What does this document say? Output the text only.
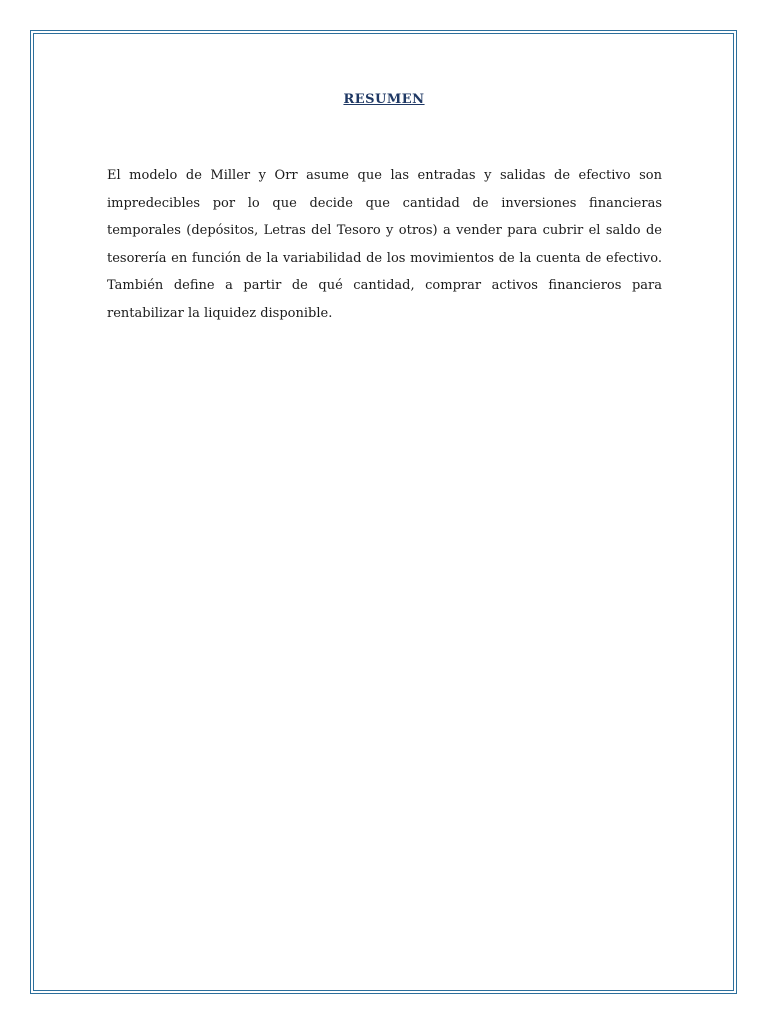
RESUMEN

El modelo de Miller y Orr asume que las entradas y salidas de efectivo son impredecibles por lo que decide que cantidad de inversiones financieras temporales (depósitos, Letras del Tesoro y otros) a vender para cubrir el saldo de tesorería en función de la variabilidad de los movimientos de la cuenta de efectivo. También define a partir de qué cantidad, comprar activos financieros para rentabilizar la liquidez disponible.
